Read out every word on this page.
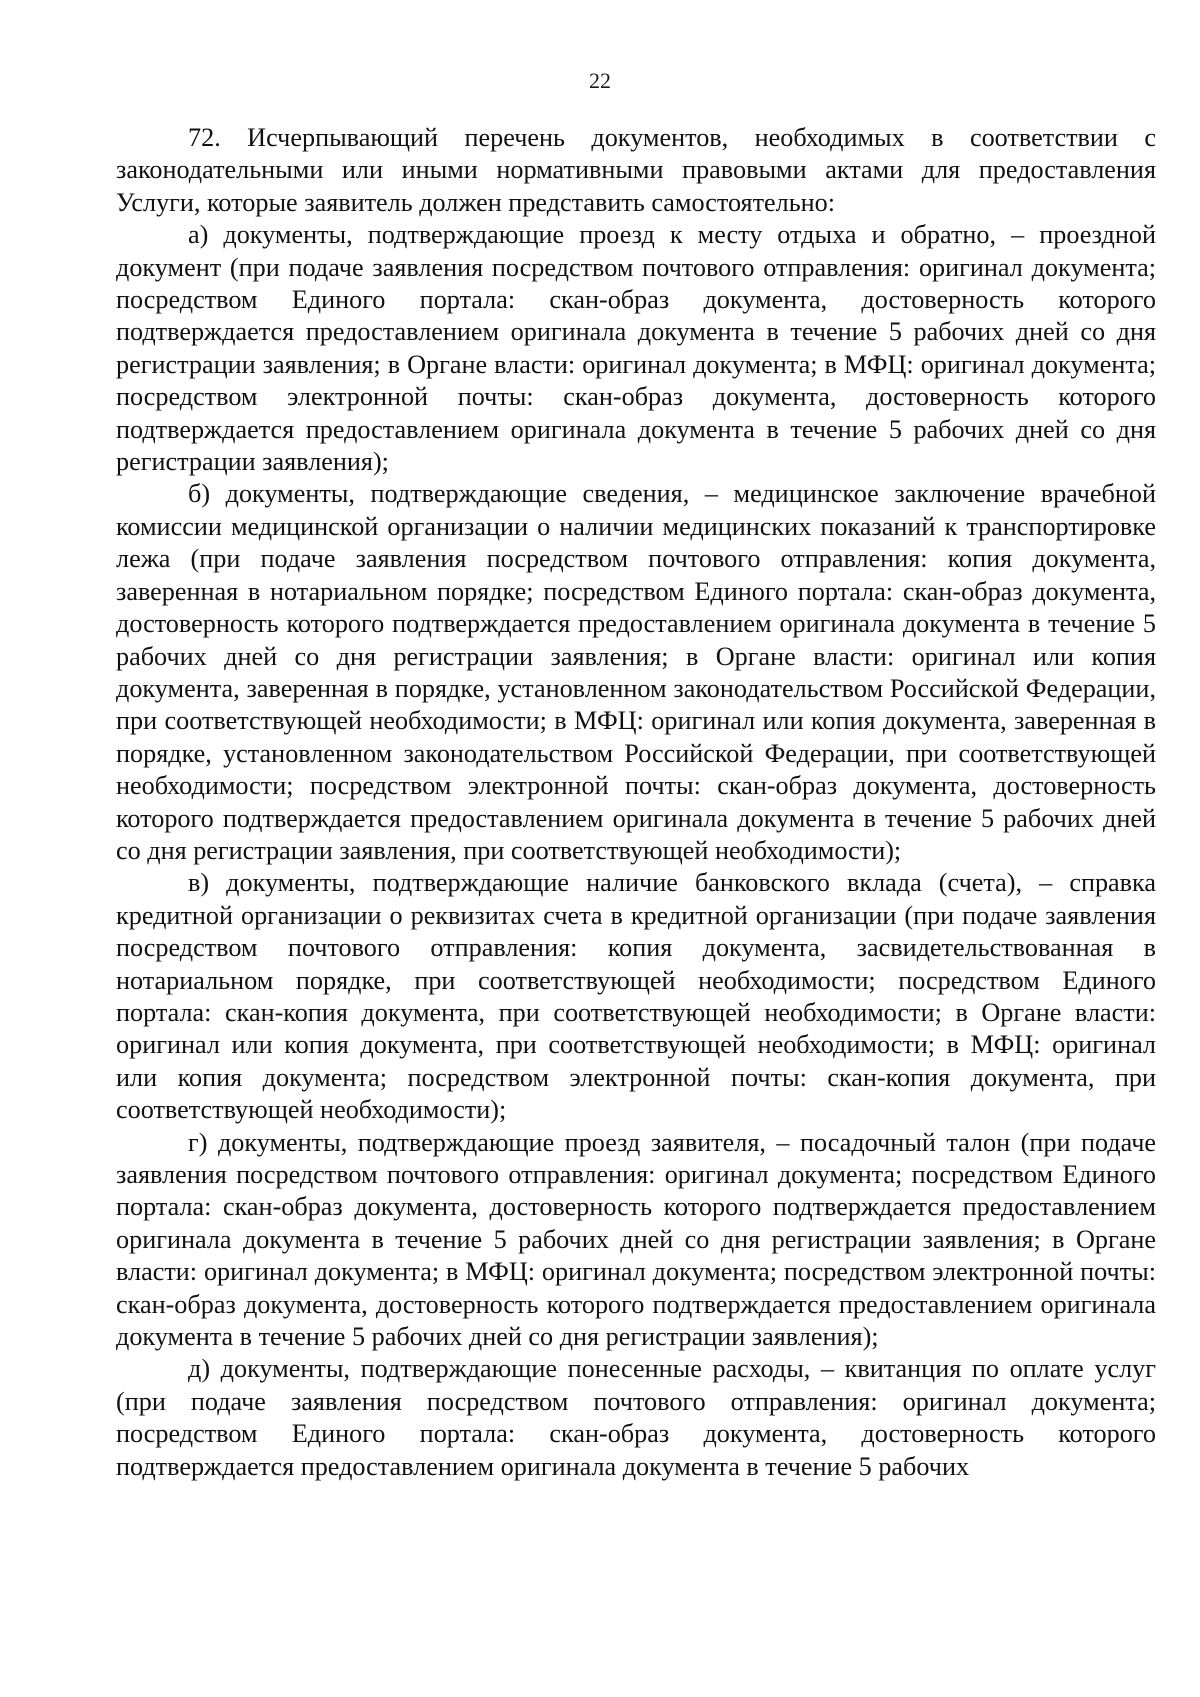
22

72. Исчерпывающий перечень документов, необходимых в соответствии с законодательными или иными нормативными правовыми актами для предоставления Услуги, которые заявитель должен представить самостоятельно:

а) документы, подтверждающие проезд к месту отдыха и обратно, – проездной документ (при подаче заявления посредством почтового отправления: оригинал документа; посредством Единого портала: скан-образ документа, достоверность которого подтверждается предоставлением оригинала документа в течение 5 рабочих дней со дня регистрации заявления; в Органе власти: оригинал документа; в МФЦ: оригинал документа; посредством электронной почты: скан-образ документа, достоверность которого подтверждается предоставлением оригинала документа в течение 5 рабочих дней со дня регистрации заявления);

б) документы, подтверждающие сведения, – медицинское заключение врачебной комиссии медицинской организации о наличии медицинских показаний к транспортировке лежа (при подаче заявления посредством почтового отправления: копия документа, заверенная в нотариальном порядке; посредством Единого портала: скан-образ документа, достоверность которого подтверждается предоставлением оригинала документа в течение 5 рабочих дней со дня регистрации заявления; в Органе власти: оригинал или копия документа, заверенная в порядке, установленном законодательством Российской Федерации, при соответствующей необходимости; в МФЦ: оригинал или копия документа, заверенная в порядке, установленном законодательством Российской Федерации, при соответствующей необходимости; посредством электронной почты: скан-образ документа, достоверность которого подтверждается предоставлением оригинала документа в течение 5 рабочих дней со дня регистрации заявления, при соответствующей необходимости);

в) документы, подтверждающие наличие банковского вклада (счета), – справка кредитной организации о реквизитах счета в кредитной организации (при подаче заявления посредством почтового отправления: копия документа, засвидетельствованная в нотариальном порядке, при соответствующей необходимости; посредством Единого портала: скан-копия документа, при соответствующей необходимости; в Органе власти: оригинал или копия документа, при соответствующей необходимости; в МФЦ: оригинал или копия документа; посредством электронной почты: скан-копия документа, при соответствующей необходимости);

г) документы, подтверждающие проезд заявителя, – посадочный талон (при подаче заявления посредством почтового отправления: оригинал документа; посредством Единого портала: скан-образ документа, достоверность которого подтверждается предоставлением оригинала документа в течение 5 рабочих дней со дня регистрации заявления; в Органе власти: оригинал документа; в МФЦ: оригинал документа; посредством электронной почты: скан-образ документа, достоверность которого подтверждается предоставлением оригинала документа в течение 5 рабочих дней со дня регистрации заявления);

д) документы, подтверждающие понесенные расходы, – квитанция по оплате услуг (при подаче заявления посредством почтового отправления: оригинал документа; посредством Единого портала: скан-образ документа, достоверность которого подтверждается предоставлением оригинала документа в течение 5 рабочих
